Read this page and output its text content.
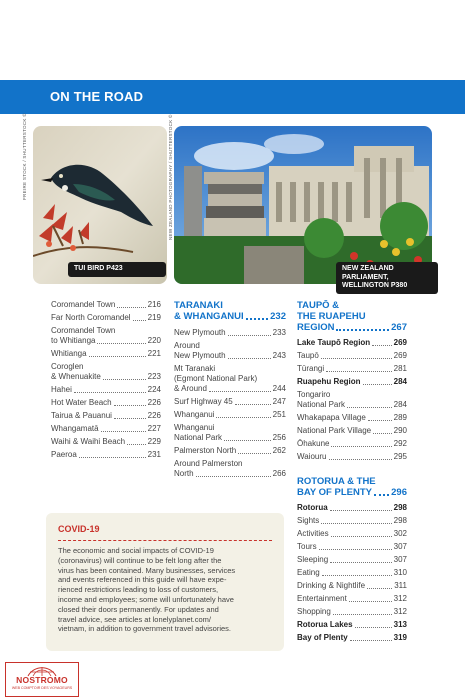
ON THE ROAD
FREIRE STOCK / SHUTTERSTOCK ©
TUI BIRD P423
NEW ZEALAND PHOTOGRAPHY / SHUTTERSTOCK ©
NEW ZEALAND PARLIAMENT,
WELLINGTON P380
Coromandel Town	216
Far North Coromandel 219
Coromandel Town
to Whitianga	220
Whitianga	221
Coroglen
& Whenuakite	223
Hahei	224
Hot Water Beach	226
Tairua & Pauanui	226
Whangamatā	227
Waihi & Waihi Beach	229
Paeroa	231
TARANAKI
& WHANGANUI	232
New Plymouth	233
Around
New Plymouth	243
Mt Taranaki
(Egmont National Park)
& Around	244
Surf Highway 45	247
Whanganui	251
Whanganui
National Park	256
Palmerston North	262
Around Palmerston
North	266
TAUPŌ &
THE RUAPEHU
REGION	267
Lake Taupō Region	269
Taupō	269
Tūrangi	281
Ruapehu Region	284
Tongariro
National Park	284
Whakapapa Village	289
National Park Village	290
Ōhakune	292
Waiouru	295
ROTORUA & THE
BAY OF PLENTY 296
Rotorua	298
Sights	298
Activities	302
Tours	307
Sleeping	307
Eating	310
Drinking & Nightlife	311
Entertainment	312
Shopping	312
Rotorua Lakes	313
Bay of Plenty	319
COVID-19
The economic and social impacts of COVID-19
(coronavirus) will continue to be felt long after the
virus has been contained. Many businesses, services
and events referenced in this guide will have expe-
rienced restrictions leading to loss of customers,
income and employees; some will unfortunately have
closed their doors permanently. For updates and
travel advice, see articles at lonelyplanet.com/
vietnam, in addition to government travel advisories.
NOSTROMO
WEB COMPTOIR DES VOYAGEURS
